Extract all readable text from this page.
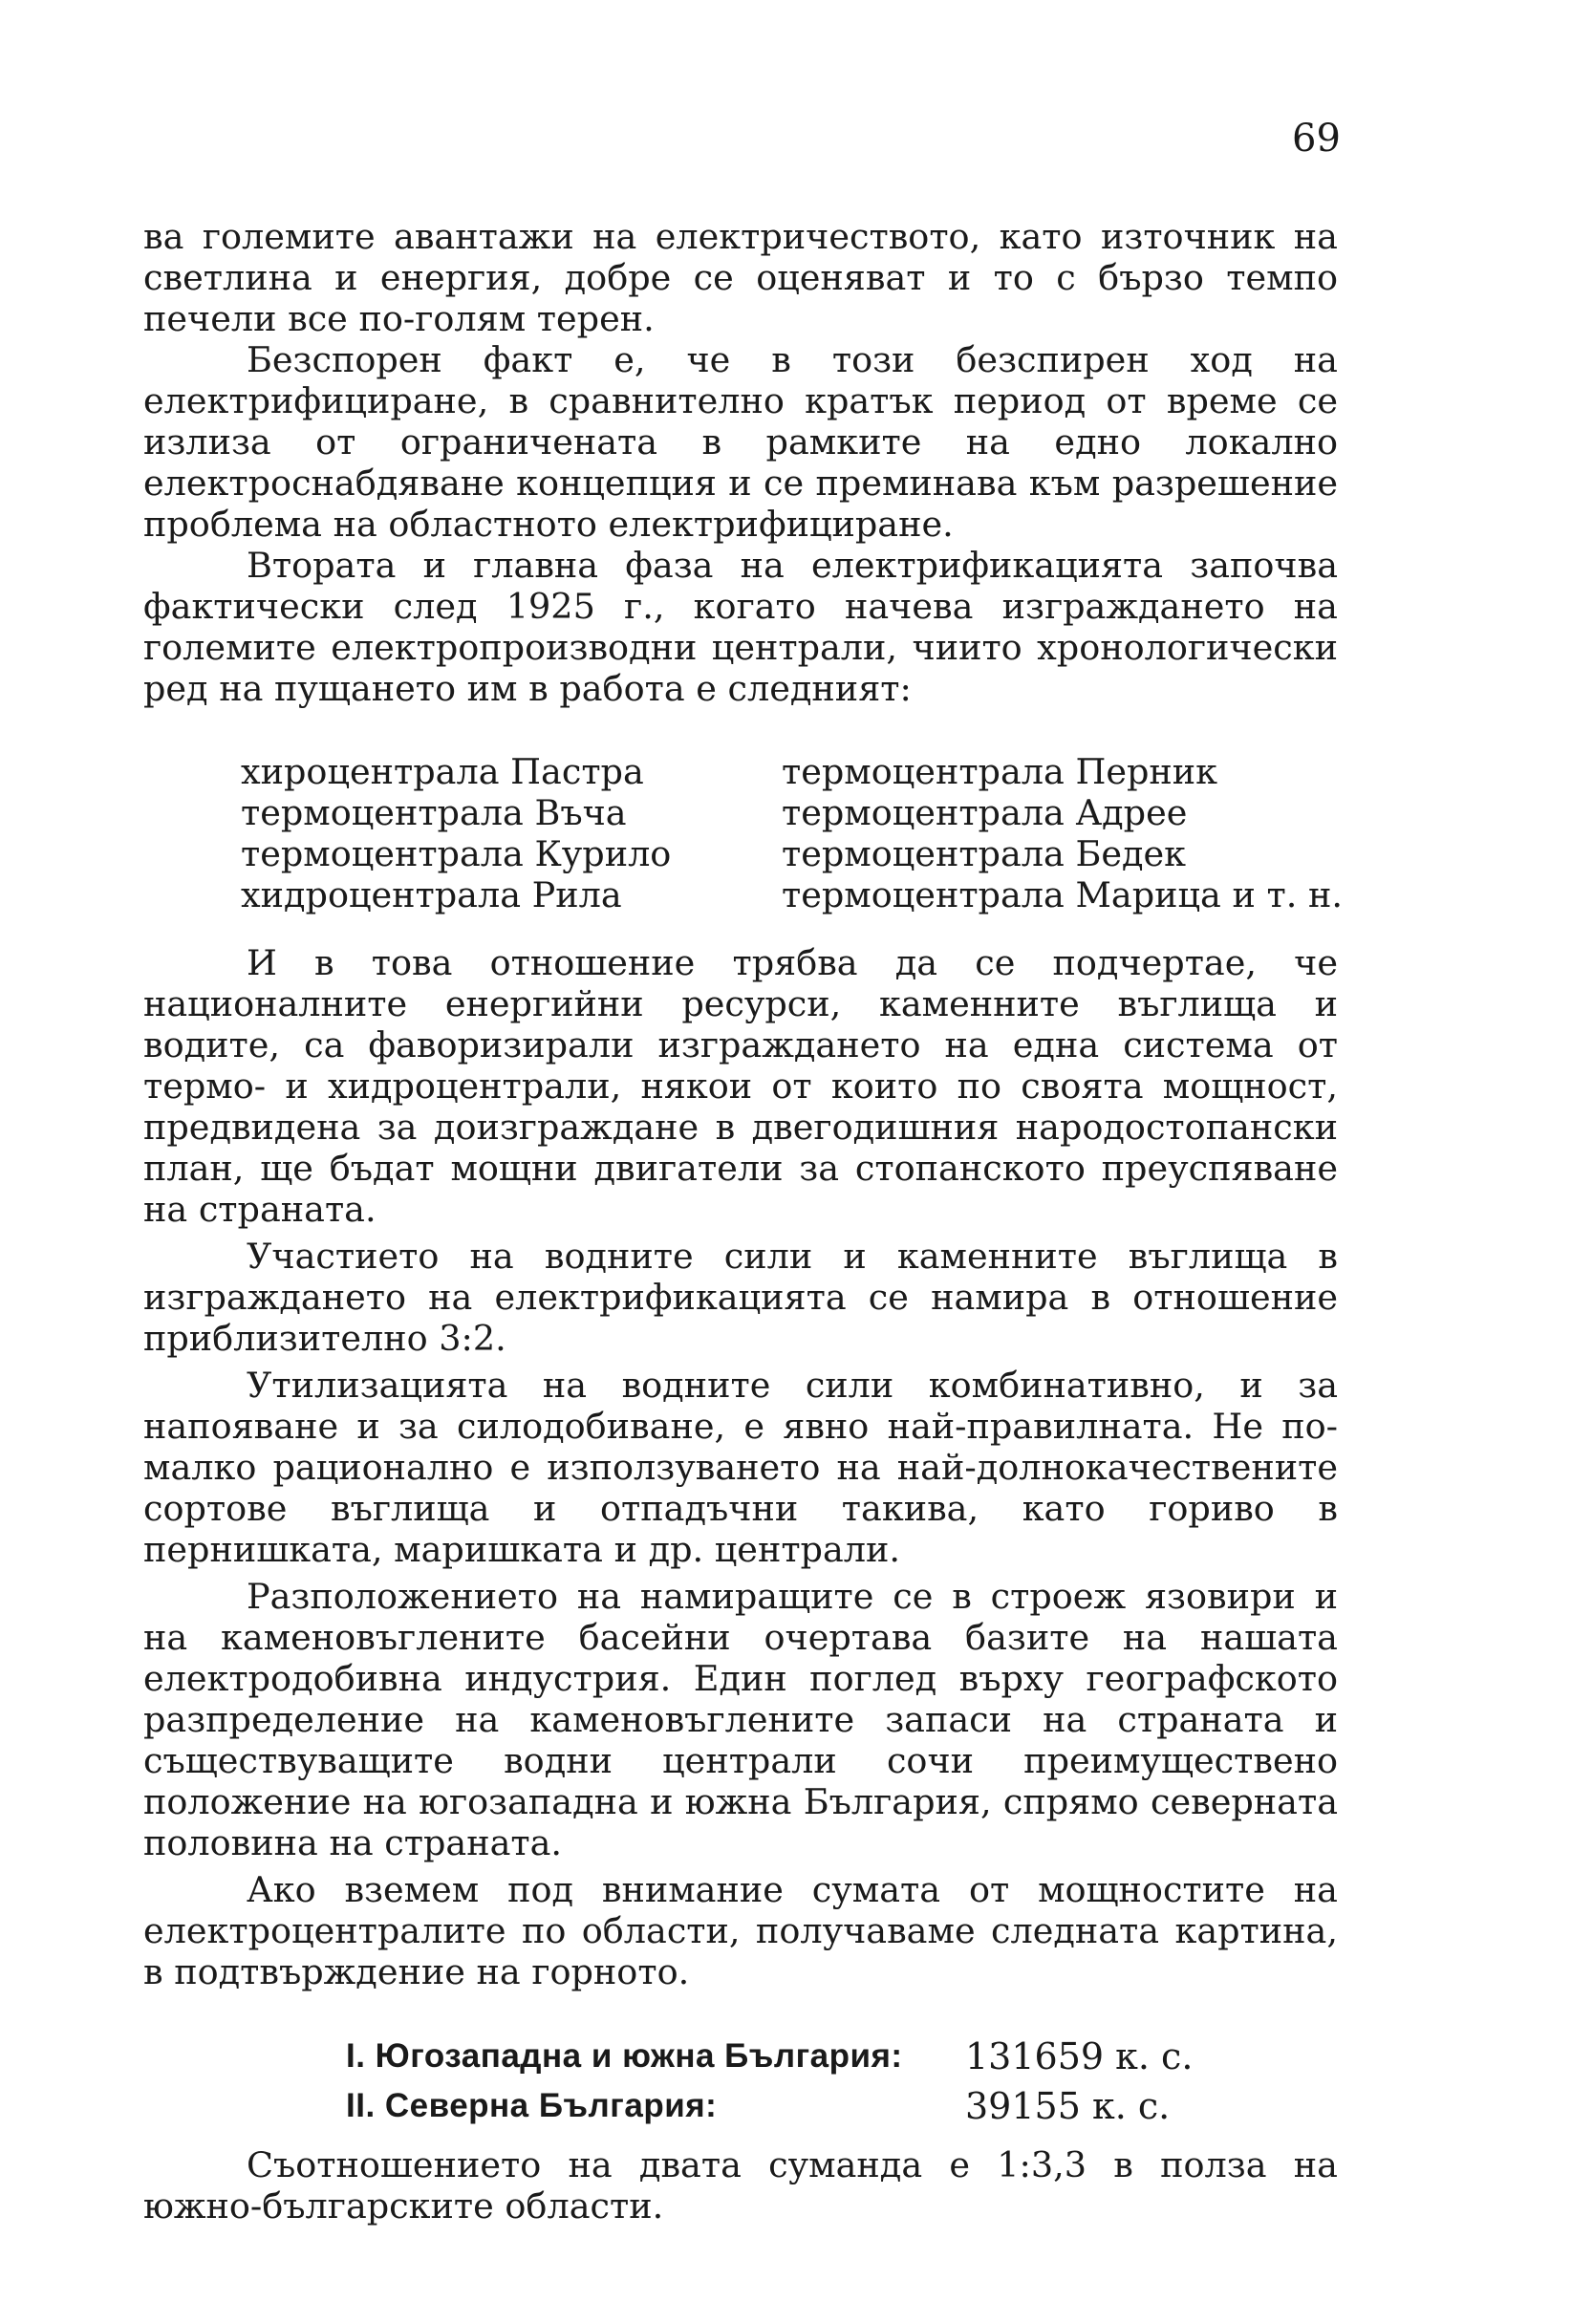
69

ва големите авантажи на електричеството, като източник на светлина и енергия, добре се оценяват и то с бързо темпо печели все по-голям терен.

Безспорен факт е, че в този безспирен ход на електрифициране, в сравнително кратък период от време се излиза от ограничената в рамките на едно локално електроснабдяване концепция и се преминава към разрешение проблема на областното електрифициране.

Втората и главна фаза на електрификацията започва фактически след 1925 г., когато начева изграждането на големите електропроизводни централи, чиито хронологически ред на пущането им в работа е следният:

хироцентрала Пастра	термоцентрала Перник
термоцентрала Въча	термоцентрала Адрее
термоцентрала Курило	термоцентрала Бедек
хидроцентрала Рила	термоцентрала Марица и т. н.

И в това отношение трябва да се подчертае, че националните енергийни ресурси, каменните въглища и водите, са фаворизирали изграждането на една система от термо- и хидроцентрали, някои от които по своята мощност, предвидена за доизграждане в двегодишния народостопански план, ще бъдат мощни двигатели за стопанското преуспяване на страната.

Участието на водните сили и каменните въглища в изграждането на електрификацията се намира в отношение приблизително 3:2.

Утилизацията на водните сили комбинативно, и за напояване и за силодобиване, е явно най-правилната. Не по-малко рационално е използуването на най-долнокачествените сортове въглища и отпадъчни такива, като гориво в пернишката, маришката и др. централи.

Разположението на намиращите се в строеж язовири и на каменовъглените басейни очертава базите на нашата електродобивна индустрия. Един поглед върху географското разпределение на каменовъглените запаси на страната и съществуващите водни централи сочи преимуществено положение на югозападна и южна България, спрямо северната половина на страната.

Ако вземем под внимание сумата от мощностите на електроцентралите по области, получаваме следната картина, в подтвърждение на горното.

I. Югозападна и южна България:	131659 к. с.
II. Северна България:	39155 к. с.

Съотношението на двата суманда е 1:3,3 в полза на южно-българските области.
